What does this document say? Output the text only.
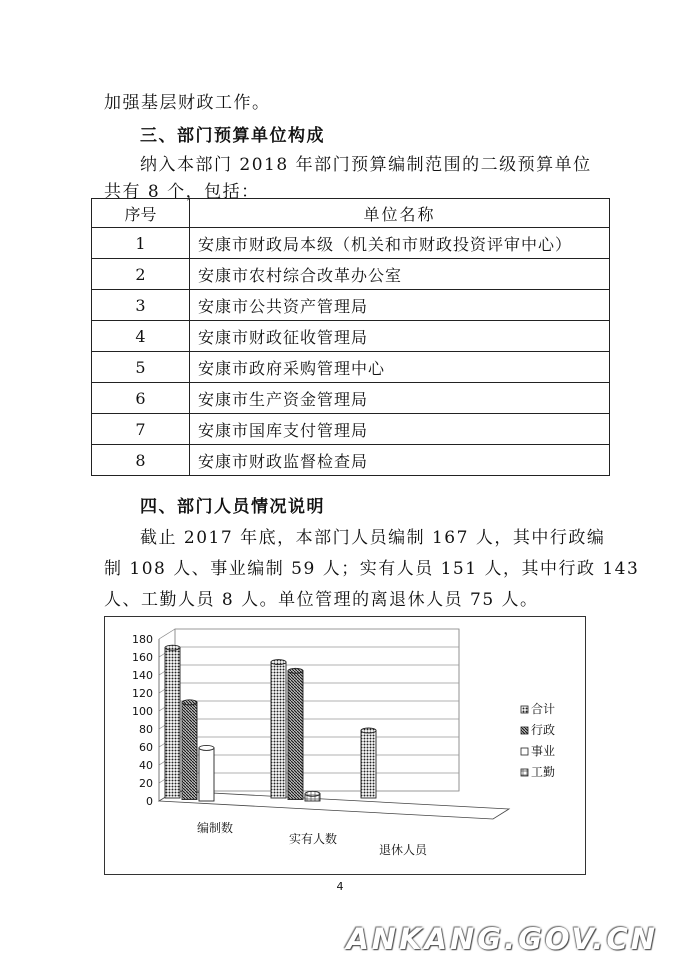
加强基层财政工作。
三、部门预算单位构成
纳入本部门 2018 年部门预算编制范围的二级预算单位
共有 8 个，包括：
序号	单位名称
1	安康市财政局本级（机关和市财政投资评审中心）
2	安康市农村综合改革办公室
3	安康市公共资产管理局
4	安康市财政征收管理局
5	安康市政府采购管理中心
6	安康市生产资金管理局
7	安康市国库支付管理局
8	安康市财政监督检查局
四、部门人员情况说明
截止 2017 年底，本部门人员编制 167 人，其中行政编
制 108 人、事业编制 59 人；实有人员 151 人，其中行政 143
人、工勤人员 8 人。单位管理的离退休人员 75 人。
0
20
40
60
80
100
120
140
160
180
编制数
实有人数
退休人员
合计
行政
事业
工勤
4
ANKANG.GOV.CN
